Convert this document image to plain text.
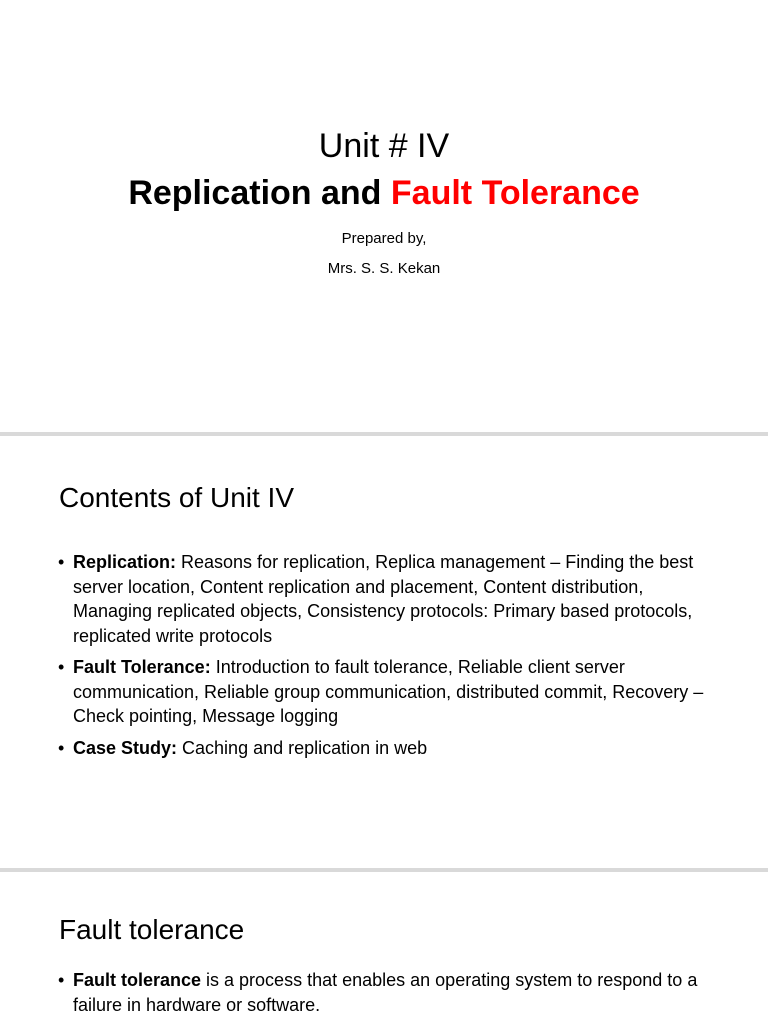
Unit # IV
Replication and Fault Tolerance
Prepared by,
Mrs. S. S. Kekan
Contents of Unit IV
• Replication: Reasons for replication, Replica management – Finding the best server location, Content replication and placement, Content distribution, Managing replicated objects, Consistency protocols: Primary based protocols, replicated write protocols
• Fault Tolerance: Introduction to fault tolerance, Reliable client server communication, Reliable group communication, distributed commit, Recovery – Check pointing, Message logging
• Case Study: Caching and replication in web
Fault tolerance
• Fault tolerance is a process that enables an operating system to respond to a failure in hardware or software.
